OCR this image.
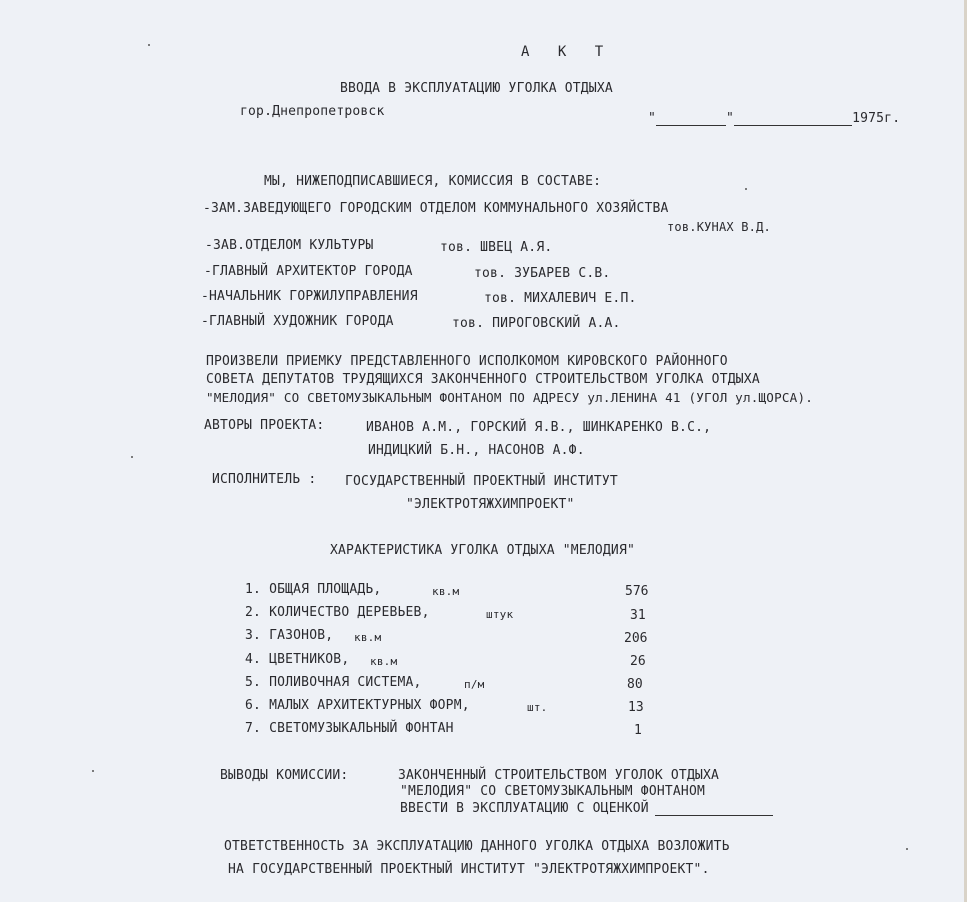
А К Т
ВВОДА В ЭКСПЛУАТАЦИЮ УГОЛКА ОТДЫХА
гор.Днепропетровск	"	"	1975г.
МЫ, НИЖЕПОДПИСАВШИЕСЯ, КОМИССИЯ В СОСТАВЕ:
-ЗАМ.ЗАВЕДУЮЩЕГО ГОРОДСКИМ ОТДЕЛОМ КОММУНАЛЬНОГО ХОЗЯЙСТВА
тов.КУНАХ В.Д.
-ЗАВ.ОТДЕЛОМ КУЛЬТУРЫ	тов. ШВЕЦ А.Я.
-ГЛАВНЫЙ АРХИТЕКТОР ГОРОДА	тов. ЗУБАРЕВ С.В.
-НАЧАЛЬНИК ГОРЖИЛУПРАВЛЕНИЯ	тов. МИХАЛЕВИЧ Е.П.
-ГЛАВНЫЙ ХУДОЖНИК ГОРОДА	тов. ПИРОГОВСКИЙ А.А.
ПРОИЗВЕЛИ ПРИЕМКУ ПРЕДСТАВЛЕННОГО ИСПОЛКОМОМ КИРОВСКОГО РАЙОННОГО
СОВЕТА ДЕПУТАТОВ ТРУДЯЩИХСЯ ЗАКОНЧЕННОГО СТРОИТЕЛЬСТВОМ УГОЛКА ОТДЫХА
"МЕЛОДИЯ" СО СВЕТОМУЗЫКАЛЬНЫМ ФОНТАНОМ ПО АДРЕСУ ул.ЛЕНИНА 41 (УГОЛ ул.ЩОРСА).
АВТОРЫ ПРОЕКТА:	ИВАНОВ А.М., ГОРСКИЙ Я.В., ШИНКАРЕНКО В.С.,
ИНДИЦКИЙ Б.Н., НАСОНОВ А.Ф.
ИСПОЛНИТЕЛЬ : ГОСУДАРСТВЕННЫЙ ПРОЕКТНЫЙ ИНСТИТУТ
"ЭЛЕКТРОТЯЖХИМПРОЕКТ"
ХАРАКТЕРИСТИКА УГОЛКА ОТДЫХА "МЕЛОДИЯ"
1. ОБЩАЯ ПЛОЩАДЬ,	кв.м	576
2. КОЛИЧЕСТВО ДЕРЕВЬЕВ,	штук	31
3. ГАЗОНОВ, кв.м	206
4. ЦВЕТНИКОВ, кв.м	26
5. ПОЛИВОЧНАЯ СИСТЕМА,	п/м	80
6. МАЛЫХ АРХИТЕКТУРНЫХ ФОРМ,	шт.	13
7. СВЕТОМУЗЫКАЛЬНЫЙ ФОНТАН	1
ВЫВОДЫ КОМИССИИ:	ЗАКОНЧЕННЫЙ СТРОИТЕЛЬСТВОМ УГОЛОК ОТДЫХА
"МЕЛОДИЯ" СО СВЕТОМУЗЫКАЛЬНЫМ ФОНТАНОМ
ВВЕСТИ В ЭКСПЛУАТАЦИЮ С ОЦЕНКОЙ
ОТВЕТСТВЕННОСТЬ ЗА ЭКСПЛУАТАЦИЮ ДАННОГО УГОЛКА ОТДЫХА ВОЗЛОЖИТЬ
НА ГОСУДАРСТВЕННЫЙ ПРОЕКТНЫЙ ИНСТИТУТ "ЭЛЕКТРОТЯЖХИМПРОЕКТ".
